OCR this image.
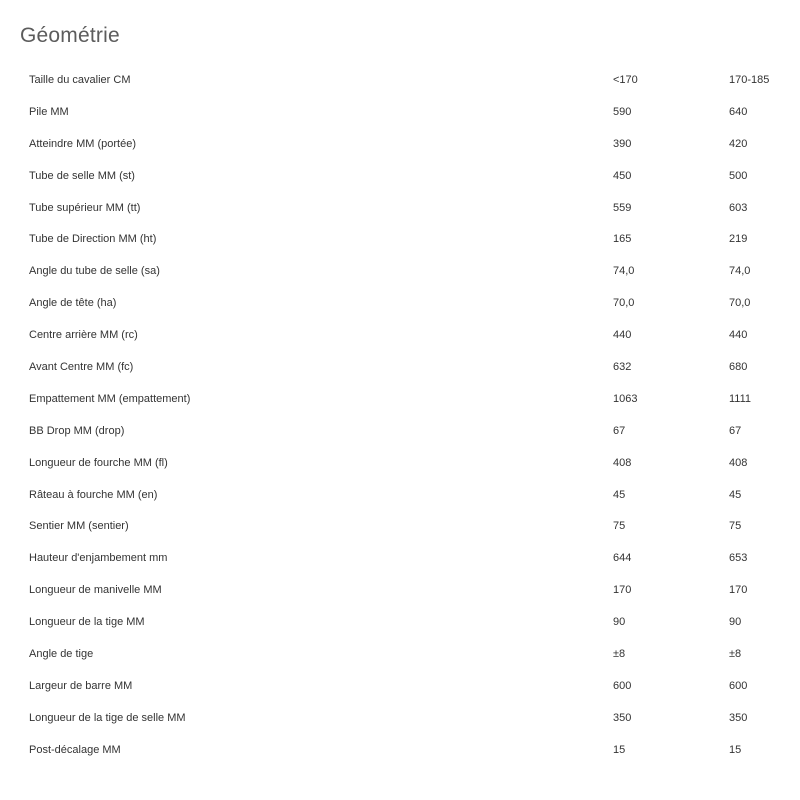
Géométrie
Taille du cavalier CM	<170	170-185
Pile MM	590	640
Atteindre MM (portée)	390	420
Tube de selle MM (st)	450	500
Tube supérieur MM (tt)	559	603
Tube de Direction MM (ht)	165	219
Angle du tube de selle (sa)	74,0	74,0
Angle de tête (ha)	70,0	70,0
Centre arrière MM (rc)	440	440
Avant Centre MM (fc)	632	680
Empattement MM (empattement)	1063	1111
BB Drop MM (drop)	67	67
Longueur de fourche MM (fl)	408	408
Râteau à fourche MM (en)	45	45
Sentier MM (sentier)	75	75
Hauteur d'enjambement mm	644	653
Longueur de manivelle MM	170	170
Longueur de la tige MM	90	90
Angle de tige	±8	±8
Largeur de barre MM	600	600
Longueur de la tige de selle MM	350	350
Post-décalage MM	15	15
